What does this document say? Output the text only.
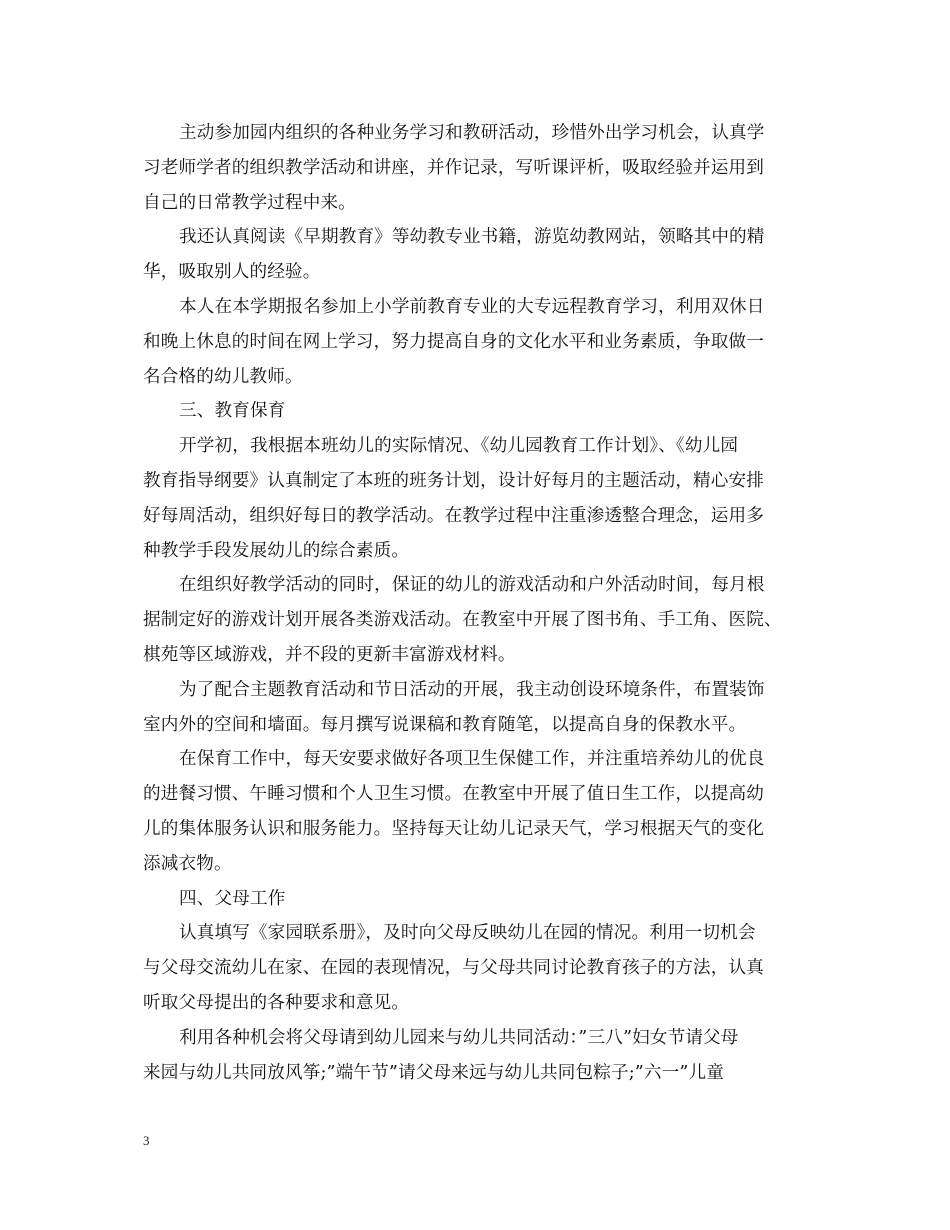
主动参加园内组织的各种业务学习和教研活动，珍惜外出学习机会，认真学
习老师学者的组织教学活动和讲座，并作记录，写听课评析，吸取经验并运用到
自己的日常教学过程中来。
我还认真阅读《早期教育》等幼教专业书籍，游览幼教网站，领略其中的精
华，吸取别人的经验。
本人在本学期报名参加上小学前教育专业的大专远程教育学习，利用双休日
和晚上休息的时间在网上学习，努力提高自身的文化水平和业务素质，争取做一
名合格的幼儿教师。
三、教育保育
开学初，我根据本班幼儿的实际情况、《幼儿园教育工作计划》、《幼儿园
教育指导纲要》认真制定了本班的班务计划，设计好每月的主题活动，精心安排
好每周活动，组织好每日的教学活动。在教学过程中注重渗透整合理念，运用多
种教学手段发展幼儿的综合素质。
在组织好教学活动的同时，保证的幼儿的游戏活动和户外活动时间，每月根
据制定好的游戏计划开展各类游戏活动。在教室中开展了图书角、手工角、医院、
棋苑等区域游戏，并不段的更新丰富游戏材料。
为了配合主题教育活动和节日活动的开展，我主动创设环境条件，布置装饰
室内外的空间和墙面。每月撰写说课稿和教育随笔，以提高自身的保教水平。
在保育工作中，每天安要求做好各项卫生保健工作，并注重培养幼儿的优良
的进餐习惯、午睡习惯和个人卫生习惯。在教室中开展了值日生工作，以提高幼
儿的集体服务认识和服务能力。坚持每天让幼儿记录天气，学习根据天气的变化
添减衣物。
四、父母工作
认真填写《家园联系册》，及时向父母反映幼儿在园的情况。利用一切机会
与父母交流幼儿在家、在园的表现情况，与父母共同讨论教育孩子的方法，认真
听取父母提出的各种要求和意见。
利用各种机会将父母请到幼儿园来与幼儿共同活动：”三八”妇女节请父母
来园与幼儿共同放风筝;”端午节”请父母来远与幼儿共同包粽子;”六一”儿童
3
